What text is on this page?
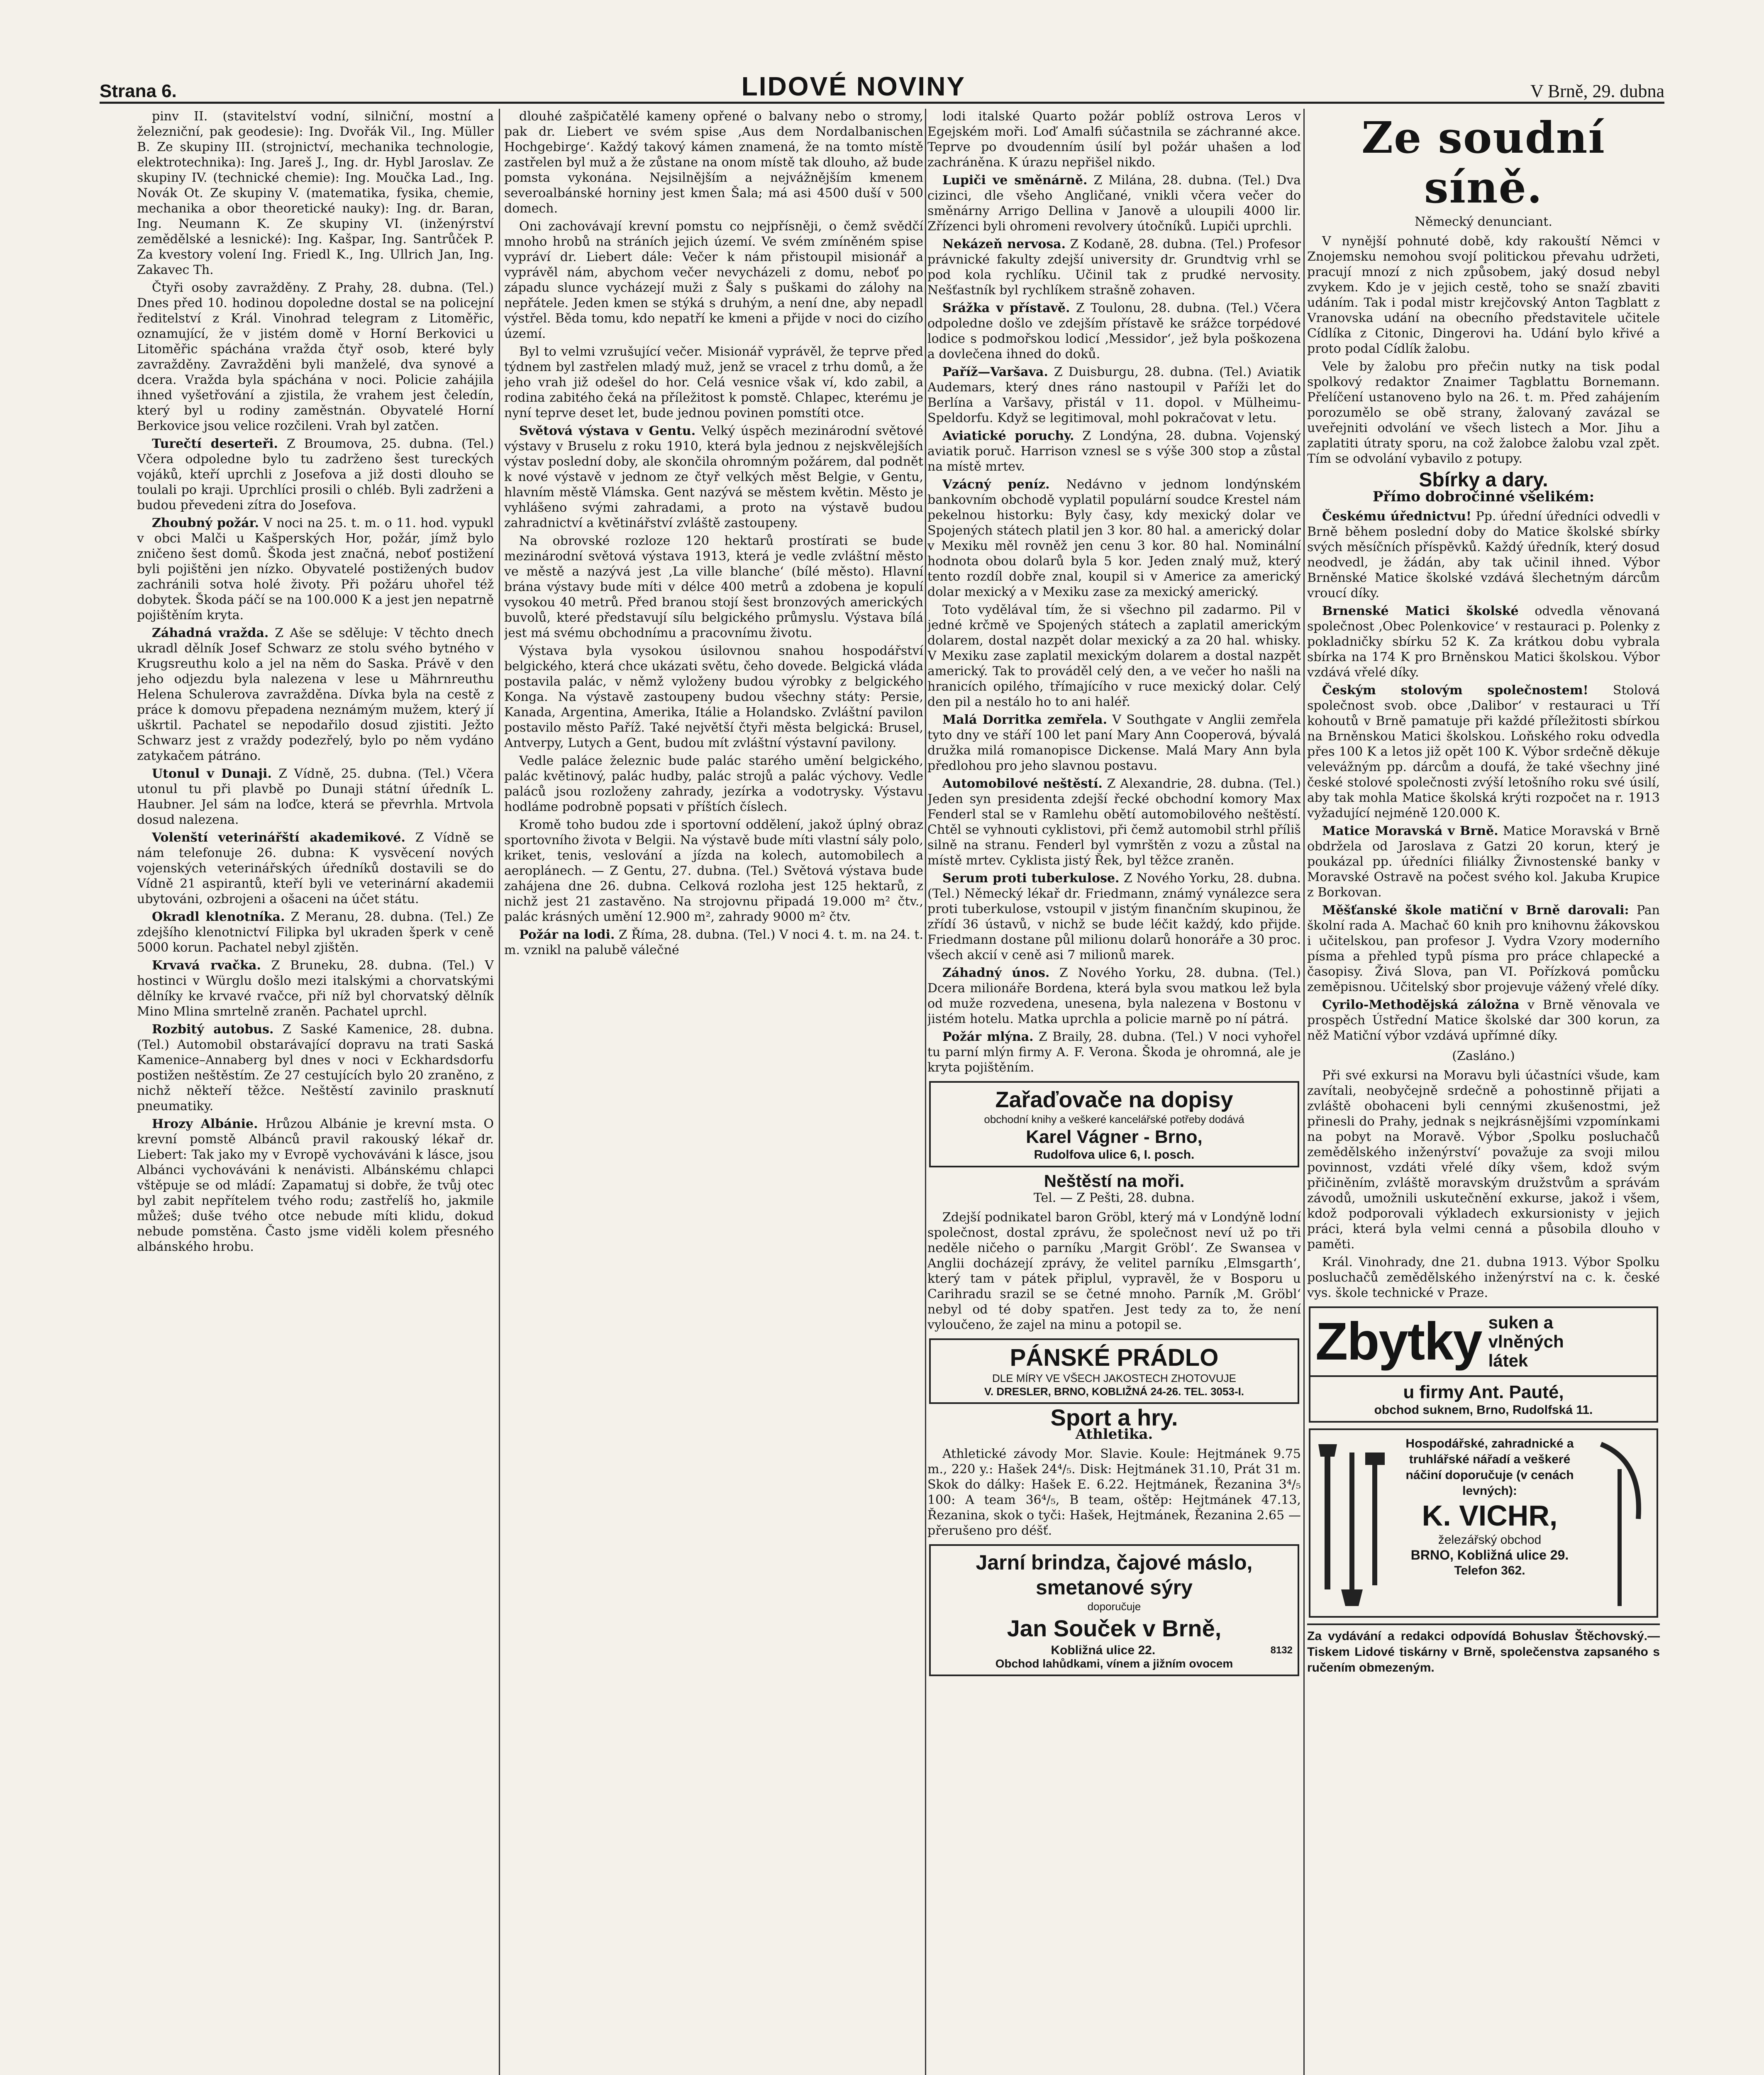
Strana 6.	LIDOVÉ NOVINY	V Brně, 29. dubna

pinv II. (stavitelství vodní, silniční, mostní a železniční, pak geodesie): Ing. Dvořák Vil., Ing. Müller B. Ze skupiny III. (strojnictví, mechanika technologie, elektrotechnika): Ing. Jareš J., Ing. dr. Hybl Jaroslav. Ze skupiny IV. (technické chemie): Ing. Moučka Lad., Ing. Novák Ot. Ze skupiny V. (matematika, fysika, chemie, mechanika a obor theoretické nauky): Ing. dr. Baran, Ing. Neumann K. Ze skupiny VI. (inženýrství zemědělské a lesnické): Ing. Kašpar, Ing. Santrůček P. Za kvestory volení Ing. Friedl K., Ing. Ullrich Jan, Ing. Zakavec Th.

Čtyři osoby zavražděny. Z Prahy, 28. dubna. (Tel.) Dnes před 10. hodinou dopoledne dostal se na policejní ředitelství z Král. Vinohrad telegram z Litoměřic, oznamující, že v jistém domě v Horní Berkovici u Litoměřic spáchána vražda čtyř osob, které byly zavražděny. Zavražděni byli manželé, dva synové a dcera. Vražda byla spáchána v noci. Policie zahájila ihned vyšetřování a zjistila, že vrahem jest čeledín, který byl u rodiny zaměstnán. Obyvatelé Horní Berkovice jsou velice rozčileni. Vrah byl zatčen.

Turečtí deserteři. Z Broumova, 25. dubna. (Tel.) Včera odpoledne bylo tu zadrženo šest tureckých vojáků, kteří uprchli z Josefova a již dosti dlouho se toulali po kraji. Uprchlíci prosili o chléb. Byli zadrženi a budou převedeni zítra do Josefova.

Zhoubný požár. V noci na 25. t. m. o 11. hod. vypukl v obci Malči u Kašperských Hor, požár, jímž bylo zničeno šest domů. Škoda jest značná, neboť postižení byli pojištěni jen nízko. Obyvatelé postižených budov zachránili sotva holé životy. Při požáru uhořel též dobytek. Škoda páčí se na 100.000 K a jest jen nepatrně pojištěním kryta.

Záhadná vražda. Z Aše se sděluje: V těchto dnech ukradl dělník Josef Schwarz ze stolu svého bytného v Krugsreuthu kolo a jel na něm do Saska. Právě v den jeho odjezdu byla nalezena v lese u Mährnreuthu Helena Schulerova zavražděna. Dívka byla na cestě z práce k domovu přepadena neznámým mužem, který jí uškrtil. Pachatel se nepodařilo dosud zjistiti. Ježto Schwarz jest z vraždy podezřelý, bylo po něm vydáno zatykačem pátráno.

Utonul v Dunaji. Z Vídně, 25. dubna. (Tel.) Včera utonul tu při plavbě po Dunaji státní úředník L. Haubner. Jel sám na loďce, která se převrhla. Mrtvola dosud nalezena.

Volenští veterinářští akademikové. Z Vídně se nám telefonuje 26. dubna: K vysvěcení nových vojenských veterinářských úředníků dostavili se do Vídně 21 aspirantů, kteří byli ve veterinární akademii ubytováni, ozbrojeni a ošaceni na účet státu.

Okradl klenotníka. Z Meranu, 28. dubna. (Tel.) Ze zdejšího klenotnictví Filipka byl ukraden šperk v ceně 5000 korun. Pachatel nebyl zjištěn.

Krvavá rvačka. Z Bruneku, 28. dubna. (Tel.) V hostinci v Würglu došlo mezi italskými a chorvatskými dělníky ke krvavé rvačce, při níž byl chorvatský dělník Mino Mlina smrtelně zraněn. Pachatel uprchl.

Rozbitý autobus. Z Saské Kamenice, 28. dubna. (Tel.) Automobil obstarávající dopravu na trati Saská Kamenice–Annaberg byl dnes v noci v Eckhardsdorfu postižen neštěstím. Ze 27 cestujících bylo 20 zraněno, z nichž někteří těžce. Neštěstí zavinilo prasknutí pneumatiky.

Hrozy Albánie. Hrůzou Albánie je krevní msta. O krevní pomstě Albánců pravil rakouský lékař dr. Liebert: Tak jako my v Evropě vychováváni k lásce, jsou Albánci vychováváni k nenávisti. Albánskému chlapci vštěpuje se od mládí: Zapamatuj si dobře, že tvůj otec byl zabit nepřítelem tvého rodu; zastřelíš ho, jakmile můžeš; duše tvého otce nebude míti klidu, dokud nebude pomstěna. Často jsme viděli kolem přesného albánského hrobu.

dlouhé zašpičatělé kameny opřené o balvany nebo o stromy, pak dr. Liebert ve svém spise ‚Aus dem Nordalbanischen Hochgebirge‘. Každý takový kámen znamená, že na tomto místě zastřelen byl muž a že zůstane na onom místě tak dlouho, až bude pomsta vykonána. Nejsilnějším a nejvážnějším kmenem severoalbánské horniny jest kmen Šala; má asi 4500 duší v 500 domech.

Oni zachovávají krevní pomstu co nejpřísněji, o čemž svědčí mnoho hrobů na stráních jejich území. Ve svém zmíněném spise vypráví dr. Liebert dále: Večer k nám přistoupil misionář a vyprávěl nám, abychom večer nevycházeli z domu, neboť po západu slunce vycházejí muži z Šaly s puškami do zálohy na nepřátele. Jeden kmen se stýká s druhým, a není dne, aby nepadl výstřel. Běda tomu, kdo nepatří ke kmeni a přijde v noci do cizího území.

Byl to velmi vzrušující večer. Misionář vyprávěl, že teprve před týdnem byl zastřelen mladý muž, jenž se vracel z trhu domů, a že jeho vrah již odešel do hor. Celá vesnice však ví, kdo zabil, a rodina zabitého čeká na příležitost k pomstě. Chlapec, kterému je nyní teprve deset let, bude jednou povinen pomstíti otce.

Světová výstava v Gentu. Velký úspěch mezinárodní světové výstavy v Bruselu z roku 1910, která byla jednou z nejskvělejších výstav poslední doby, ale skončila ohromným požárem, dal podnět k nové výstavě v jednom ze čtyř velkých měst Belgie, v Gentu, hlavním městě Vlámska. Gent nazývá se městem květin. Město je vyhlášeno svými zahradami, a proto na výstavě budou zahradnictví a květinářství zvláště zastoupeny.

Na obrovské rozloze 120 hektarů prostírati se bude mezinárodní světová výstava 1913, která je vedle zvláštní město ve městě a nazývá jest ‚La ville blanche‘ (bílé město). Hlavní brána výstavy bude míti v délce 400 metrů a zdobena je kopulí vysokou 40 metrů. Před branou stojí šest bronzových amerických buvolů, které představují sílu belgického průmyslu. Výstava bílá jest má svému obchodnímu a pracovnímu životu.

Výstava byla vysokou úsilovnou snahou hospodářství belgického, která chce ukázati světu, čeho dovede. Belgická vláda postavila palác, v němž vyloženy budou výrobky z belgického Konga. Na výstavě zastoupeny budou všechny státy: Persie, Kanada, Argentina, Amerika, Itálie a Holandsko. Zvláštní pavilon postavilo město Paříž. Také největší čtyři města belgická: Brusel, Antverpy, Lutych a Gent, budou mít zvláštní výstavní pavilony.

Vedle paláce železnic bude palác starého umění belgického, palác květinový, palác hudby, palác strojů a palác výchovy. Vedle paláců jsou rozloženy zahrady, jezírka a vodotrysky. Výstavu hodláme podrobně popsati v příštích číslech.

Kromě toho budou zde i sportovní oddělení, jakož úplný obraz sportovního života v Belgii. Na výstavě bude míti vlastní sály polo, kriket, tenis, veslování a jízda na kolech, automobilech a aeroplánech. — Z Gentu, 27. dubna. (Tel.) Světová výstava bude zahájena dne 26. dubna. Celková rozloha jest 125 hektarů, z nichž jest 21 zastavěno. Na strojovnu připadá 19.000 m² čtv., palác krásných umění 12.900 m², zahrady 9000 m² čtv.

Požár na lodi. Z Říma, 28. dubna. (Tel.) V noci 4. t. m. na 24. t. m. vznikl na palubě válečné

lodi italské Quarto požár poblíž ostrova Leros v Egejském moři. Loď Amalfi súčastnila se záchranné akce. Teprve po dvoudenním úsilí byl požár uhašen a loď zachráněna. K úrazu nepřišel nikdo.

Lupiči ve směnárně. Z Milána, 28. dubna. (Tel.) Dva cizinci, dle všeho Angličané, vnikli včera večer do směnárny Arrigo Dellina v Janově a uloupili 4000 lir. Zřízenci byli ohromeni revolvery útočníků. Lupiči uprchli.

Nekázeň nervosa. Z Kodaně, 28. dubna. (Tel.) Profesor právnické fakulty zdejší university dr. Grundtvig vrhl se pod kola rychlíku. Učinil tak z prudké nervosity. Nešťastník byl rychlíkem strašně zohaven.

Srážka v přístavě. Z Toulonu, 28. dubna. (Tel.) Včera odpoledne došlo ve zdejším přístavě ke srážce torpédové lodice s podmořskou lodicí ‚Messidor‘, jež byla poškozena a dovlečena ihned do doků.

Paříž—Varšava. Z Duisburgu, 28. dubna. (Tel.) Aviatik Audemars, který dnes ráno nastoupil v Paříži let do Berlína a Varšavy, přistál v 11. dopol. v Mülheimu-Speldorfu. Když se legitimoval, mohl pokračovat v letu.

Aviatické poruchy. Z Londýna, 28. dubna. Vojenský aviatik poruč. Harrison vznesl se s výše 300 stop a zůstal na místě mrtev.

Vzácný peníz. Nedávno v jednom londýnském bankovním obchodě vyplatil populární soudce Krestel nám pekelnou historku: Byly časy, kdy mexický dolar ve Spojených státech platil jen 3 kor. 80 hal. a americký dolar v Mexiku měl rovněž jen cenu 3 kor. 80 hal. Nominální hodnota obou dolarů byla 5 kor. Jeden znalý muž, který tento rozdíl dobře znal, koupil si v Americe za americký dolar mexický a v Mexiku zase za mexický americký.

Toto vydělával tím, že si všechno pil zadarmo. Pil v jedné krčmě ve Spojených státech a zaplatil americkým dolarem, dostal nazpět dolar mexický a za 20 hal. whisky. V Mexiku zase zaplatil mexickým dolarem a dostal nazpět americký. Tak to prováděl celý den, a ve večer ho našli na hranicích opilého, třímajícího v ruce mexický dolar. Celý den pil a nestálo ho to ani haléř.

Malá Dorritka zemřela. V Southgate v Anglii zemřela tyto dny ve stáří 100 let paní Mary Ann Cooperová, bývalá družka milá romanopisce Dickense. Malá Mary Ann byla předlohou pro jeho slavnou postavu.

Automobilové neštěstí. Z Alexandrie, 28. dubna. (Tel.) Jeden syn presidenta zdejší řecké obchodní komory Max Fenderl stal se v Ramlehu obětí automobilového neštěstí. Chtěl se vyhnouti cyklistovi, při čemž automobil strhl příliš silně na stranu. Fenderl byl vymrštěn z vozu a zůstal na místě mrtev. Cyklista jistý Řek, byl těžce zraněn.

Serum proti tuberkulose. Z Nového Yorku, 28. dubna. (Tel.) Německý lékař dr. Friedmann, známý vynálezce sera proti tuberkulose, vstoupil v jistým finančním skupinou, že zřídí 36 ústavů, v nichž se bude léčit každý, kdo přijde. Friedmann dostane půl milionu dolarů honoráře a 30 proc. všech akcií v ceně asi 7 milionů marek.

Záhadný únos. Z Nového Yorku, 28. dubna. (Tel.) Dcera milionáře Bordena, která byla svou matkou lež byla od muže rozvedena, unesena, byla nalezena v Bostonu v jistém hotelu. Matka uprchla a policie marně po ní pátrá.

Požár mlýna. Z Braily, 28. dubna. (Tel.) V noci vyhořel tu parní mlýn firmy A. F. Verona. Škoda je ohromná, ale je kryta pojištěním.

Zařaďovače na dopisy
obchodní knihy a veškeré kancelářské potřeby dodává
Karel Vágner - Brno,
Rudolfova ulice 6, I. posch.
Neštěstí na moři.
Tel. — Z Pešti, 28. dubna.

Zdejší podnikatel baron Gröbl, který má v Londýně lodní společnost, dostal zprávu, že společnost neví už po tři neděle ničeho o parníku ‚Margit Gröbl‘. Ze Swansea v Anglii docházejí zprávy, že velitel parníku ‚Elmsgarth‘, který tam v pátek připlul, vypravěl, že v Bosporu u Carihradu srazil se se četné mnoho. Parník ‚M. Gröbl‘ nebyl od té doby spatřen. Jest tedy za to, že není vyloučeno, že zajel na minu a potopil se.

PÁNSKÉ PRÁDLO
DLE MÍRY VE VŠECH JAKOSTECH ZHOTOVUJE
V. DRESLER, BRNO, KOBLIŽNÁ 24-26. TEL. 3053-I.
Sport a hry.
Athletika.

Athletické závody Mor. Slavie. Koule: Hejtmánek 9.75 m., 220 y.: Hašek 24⁴/₅. Disk: Hejtmánek 31.10, Prát 31 m. Skok do dálky: Hašek E. 6.22. Hejtmánek, Řezanina 3⁴/₅ 100: A team 36⁴/₅, B team, oštěp: Hejtmánek 47.13, Řezanina, skok o tyči: Hašek, Hejtmánek, Řezanina 2.65 — přerušeno pro déšť.

Jarní brindza, čajové máslo, smetanové sýry
doporučuje
Jan Souček v Brně,
Kobližná ulice 22.	8132
Obchod lahůdkami, vínem a jižním ovocem
Ze soudní síně.
Německý denunciant.

V nynější pohnuté době, kdy rakouští Němci v Znojemsku nemohou svojí politickou převahu udržeti, pracují mnozí z nich způsobem, jaký dosud nebyl zvykem. Kdo je v jejich cestě, toho se snaží zbaviti udáním. Tak i podal mistr krejčovský Anton Tagblatt z Vranovska udání na obecního představitele učitele Cídlíka z Citonic, Dingerovi ha. Udání bylo křivé a proto podal Cídlík žalobu.

Vele by žalobu pro přečin nutky na tisk podal spolkový redaktor Znaimer Tagblattu Bornemann. Přelíčení ustanoveno bylo na 26. t. m. Před zahájením porozumělo se obě strany, žalovaný zavázal se uveřejniti odvolání ve všech listech a Mor. Jihu a zaplatiti útraty sporu, na což žalobce žalobu vzal zpět. Tím se odvolání vybavilo z potupy.

Sbírky a dary.
Přímo dobročinné všelikém:

Českému úřednictvu! Pp. úřední úředníci odvedli v Brně během poslední doby do Matice školské sbírky svých měsíčních příspěvků. Každý úředník, který dosud neodvedl, je žádán, aby tak učinil ihned. Výbor Brněnské Matice školské vzdává šlechetným dárcům vroucí díky.

Brnenské Matici školské odvedla věnovaná společnost ‚Obec Polenkovice‘ v restauraci p. Polenky z pokladničky sbírku 52 K. Za krátkou dobu vybrala sbírka na 174 K pro Brněnskou Matici školskou. Výbor vzdává vřelé díky.

Českým stolovým společnostem! Stolová společnost svob. obce ‚Dalibor‘ v restauraci u Tří kohoutů v Brně pamatuje při každé příležitosti sbírkou na Brněnskou Matici školskou. Loňského roku odvedla přes 100 K a letos již opět 100 K. Výbor srdečně děkuje velevážným pp. dárcům a doufá, že také všechny jiné české stolové společnosti zvýší letošního roku své úsilí, aby tak mohla Matice školská krýti rozpočet na r. 1913 vyžadující nejméně 120.000 K.

Matice Moravská v Brně. Matice Moravská v Brně obdržela od Jaroslava z Gatzi 20 korun, který je poukázal pp. úředníci filiálky Živnostenské banky v Moravské Ostravě na počest svého kol. Jakuba Krupice z Borkovan.

Měšťanské škole matiční v Brně darovali: Pan školní rada A. Machač 60 knih pro knihovnu žákovskou i učitelskou, pan profesor J. Vydra Vzory moderního písma a přehled typů písma pro práce chlapecké a časopisy. Živá Slova, pan VI. Pořízková pomůcku zeměpisnou. Učitelský sbor projevuje vážený vřelé díky.

Cyrilo-Methodějská záložna v Brně věnovala ve prospěch Ústřední Matice školské dar 300 korun, za něž Matiční výbor vzdává upřímné díky.

(Zasláno.)

Při své exkursi na Moravu byli účastníci všude, kam zavítali, neobyčejně srdečně a pohostinně přijati a zvláště obohaceni byli cennými zkušenostmi, jež přinesli do Prahy, jednak s nejkrásnějšími vzpomínkami na pobyt na Moravě. Výbor ‚Spolku posluchačů zemědělského inženýrství‘ považuje za svoji milou povinnost, vzdáti vřelé díky všem, kdož svým přičiněním, zvláště moravským družstvům a správám závodů, umožnili uskutečnění exkurse, jakož i všem, kdož podporovali výkladech exkursionisty v jejich práci, která byla velmi cenná a působila dlouho v paměti.

Král. Vinohrady, dne 21. dubna 1913. Výbor Spolku posluchačů zemědělského inženýrství na c. k. české vys. škole technické v Praze.

Zbytky suken a
vlněných
látek
u firmy Ant. Pauté,
obchod suknem, Brno, Rudolfská 11.
Hospodářské, zahradnické a truhlářské nářadí a veškeré náčiní doporučuje (v cenách levných):
K. VICHR,
železářský obchod
BRNO, Kobližná ulice 29.
Telefon 362.
Za vydávání a redakci odpovídá Bohuslav Štěchovský.— Tiskem Lidové tiskárny v Brně, společenstva zapsaného s ručením obmezeným.
